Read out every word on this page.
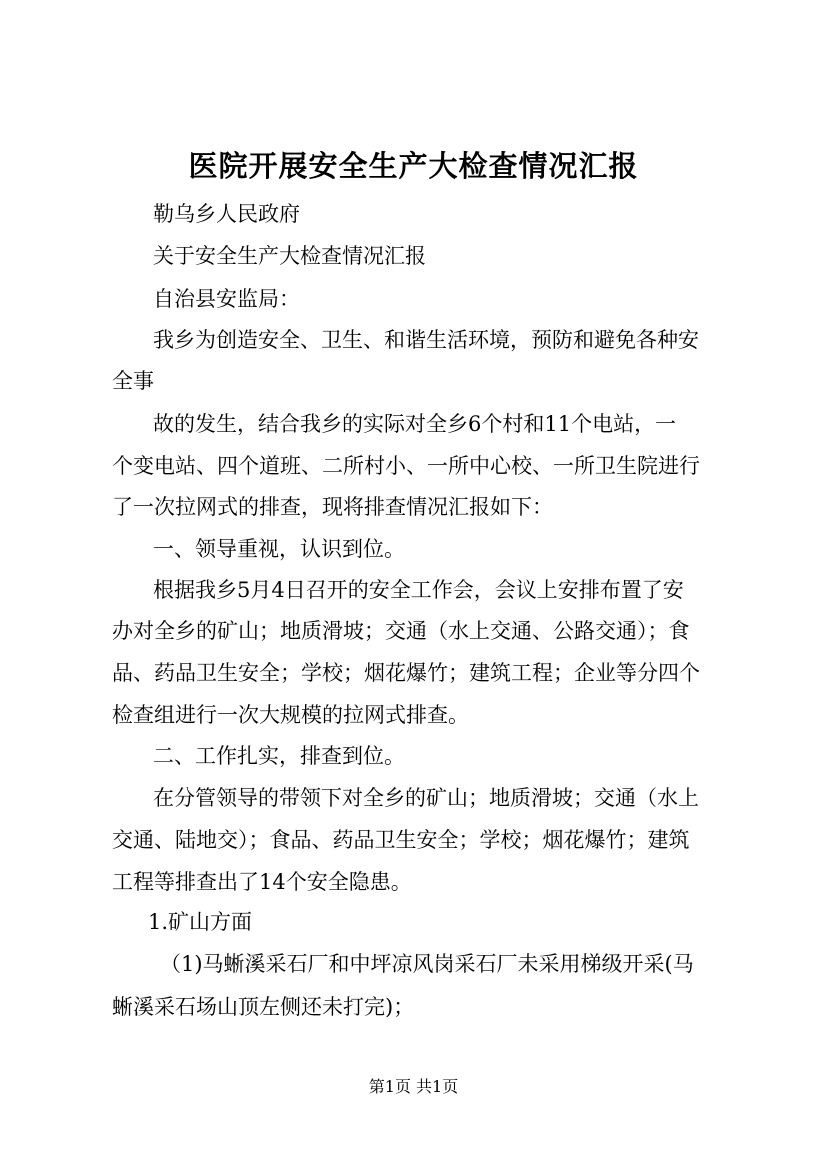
医院开展安全生产大检查情况汇报
勒乌乡人民政府
关于安全生产大检查情况汇报
自治县安监局：
我乡为创造安全、卫生、和谐生活环境，预防和避免各种安
全事
故的发生，结合我乡的实际对全乡6个村和11个电站，一
个变电站、四个道班、二所村小、一所中心校、一所卫生院进行
了一次拉网式的排查，现将排查情况汇报如下：
一、领导重视，认识到位。
根据我乡5月4日召开的安全工作会，会议上安排布置了安
办对全乡的矿山；地质滑坡；交通（水上交通、公路交通）；食
品、药品卫生安全；学校；烟花爆竹；建筑工程；企业等分四个
检查组进行一次大规模的拉网式排查。
二、工作扎实，排查到位。
在分管领导的带领下对全乡的矿山；地质滑坡；交通（水上
交通、陆地交）；食品、药品卫生安全；学校；烟花爆竹；建筑
工程等排查出了14个安全隐患。
1.矿山方面
（1)马蜥溪采石厂和中坪凉风岗采石厂未采用梯级开采(马
蜥溪采石场山顶左侧还未打完)；
第1页 共1页
